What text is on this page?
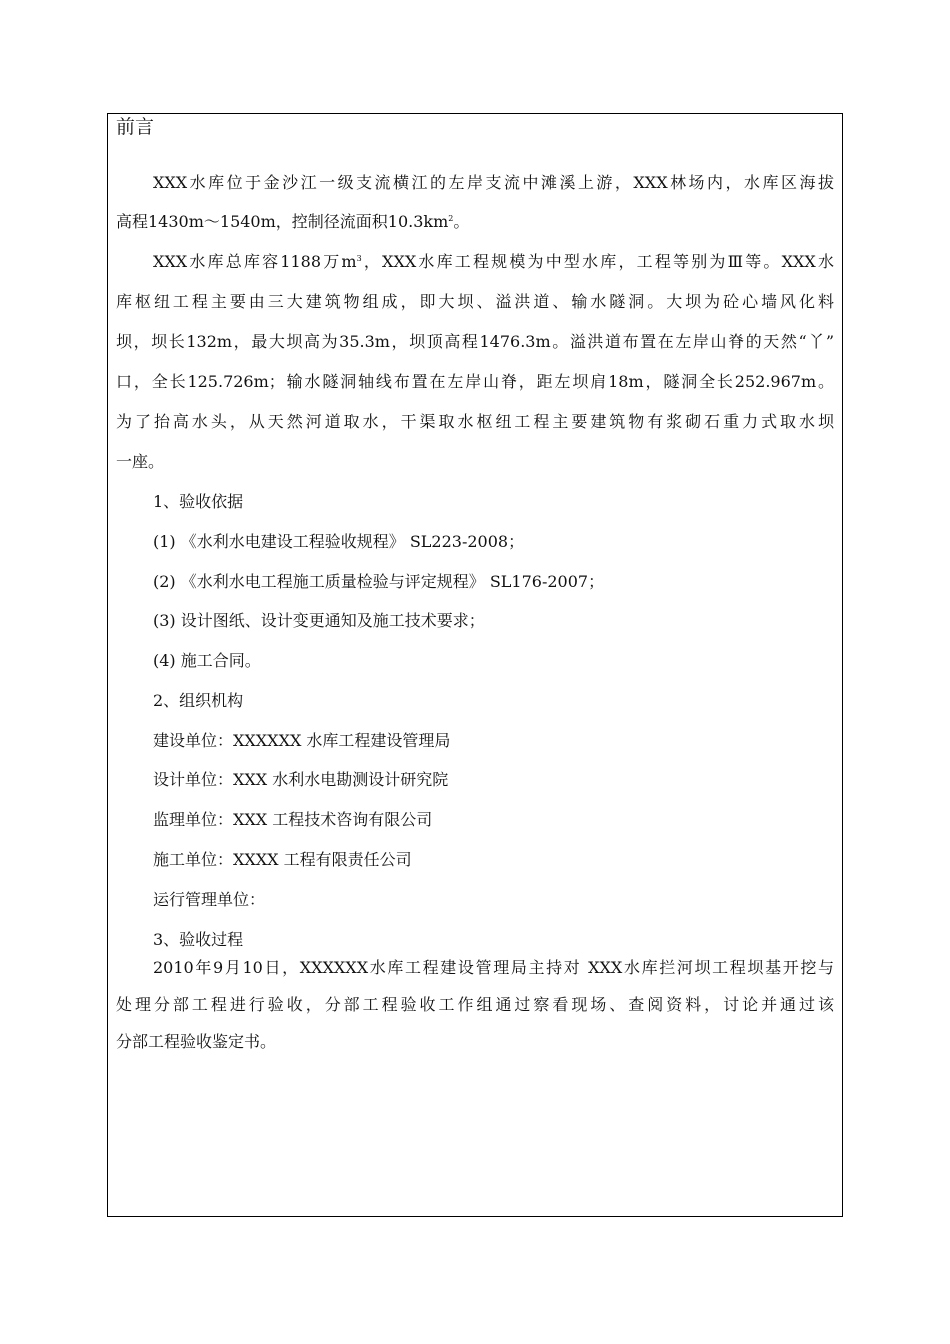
前言
XXX水库位于金沙江一级支流横江的左岸支流中滩溪上游，XXX林场内，水库区海拔
高程1430m～1540m，控制径流面积$10.3km^2$。
XXX水库总库容1188万$m^3$，XXX水库工程规模为中型水库，工程等别为Ⅲ等。XXX水
库枢纽工程主要由三大建筑物组成，即大坝、溢洪道、输水隧洞。大坝为砼心墙风化料
坝，坝长132m，最大坝高为35.3m，坝顶高程1476.3m。溢洪道布置在左岸山脊的天然“丫”
口，全长125.726m；输水隧洞轴线布置在左岸山脊，距左坝肩18m，隧洞全长252.967m。
为了抬高水头，从天然河道取水，干渠取水枢纽工程主要建筑物有浆砌石重力式取水坝
一座。
1、验收依据
(1) 《水利水电建设工程验收规程》 SL223-2008；
(2) 《水利水电工程施工质量检验与评定规程》 SL176-2007；
(3) 设计图纸、设计变更通知及施工技术要求；
(4) 施工合同。
2、组织机构
建设单位：XXXXXX 水库工程建设管理局
设计单位：XXX 水利水电勘测设计研究院
监理单位：XXX 工程技术咨询有限公司
施工单位：XXXX 工程有限责任公司
运行管理单位：
3、验收过程
2010年9月10日，XXXXXX水库工程建设管理局主持对 XXX水库拦河坝工程坝基开挖与
处理分部工程进行验收，分部工程验收工作组通过察看现场、查阅资料，讨论并通过该
分部工程验收鉴定书。
